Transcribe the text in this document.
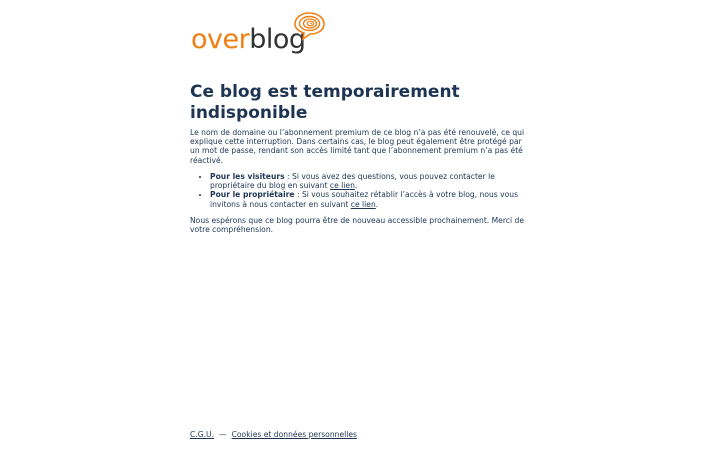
overblog
Ce blog est temporairement indisponible

Le nom de domaine ou l’abonnement premium de ce blog n’a pas été renouvelé, ce qui explique cette interruption. Dans certains cas, le blog peut également être protégé par un mot de passe, rendant son accès limité tant que l’abonnement premium n’a pas été réactivé.

• Pour les visiteurs : Si vous avez des questions, vous pouvez contacter le propriétaire du blog en suivant ce lien.
• Pour le propriétaire : Si vous souhaitez rétablir l’accès à votre blog, nous vous invitons à nous contacter en suivant ce lien.

Nous espérons que ce blog pourra être de nouveau accessible prochainement. Merci de votre compréhension.

C.G.U. — Cookies et données personnelles
